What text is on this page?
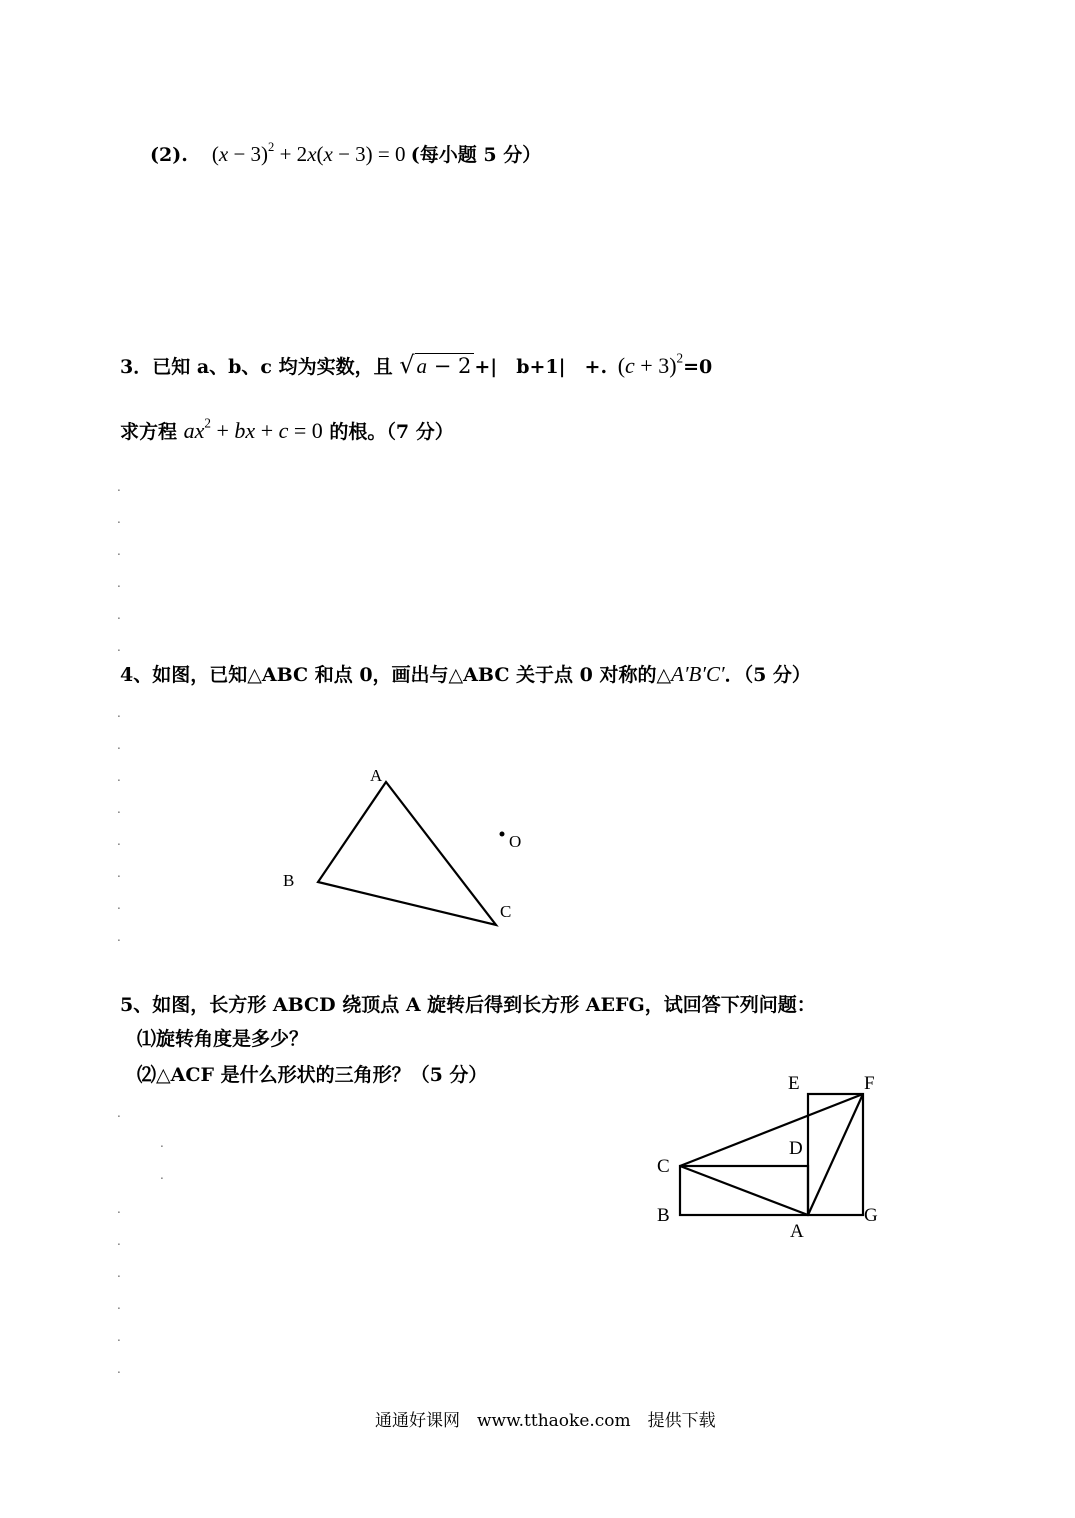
(2). $(x - 3)^2 + 2x(x - 3) = 0$ (每小题 5 分）
3．已知 a、b、c 均为实数，且 √a − 2 +|　b+1|　+. $(c + 3)^2=0$
求方程 $ax^2$ + bx + c = 0 的根。（7 分）
.
.
.
.
.
.
4、如图，已知△ABC 和点 0，画出与△ABC 关于点 0 对称的△A′B′C′．（5 分）
.
.
.
.
.
.
.
.
A
B
C
O
5、如图，长方形 ABCD 绕顶点 A 旋转后得到长方形 AEFG，试回答下列问题：
⑴旋转角度是多少？
⑵△ACF 是什么形状的三角形？（5 分）
.
.
.
.
.
.
.
.
.
E	F
D
C
B
A
G
通通好课网　www.tthaoke.com　提供下载
